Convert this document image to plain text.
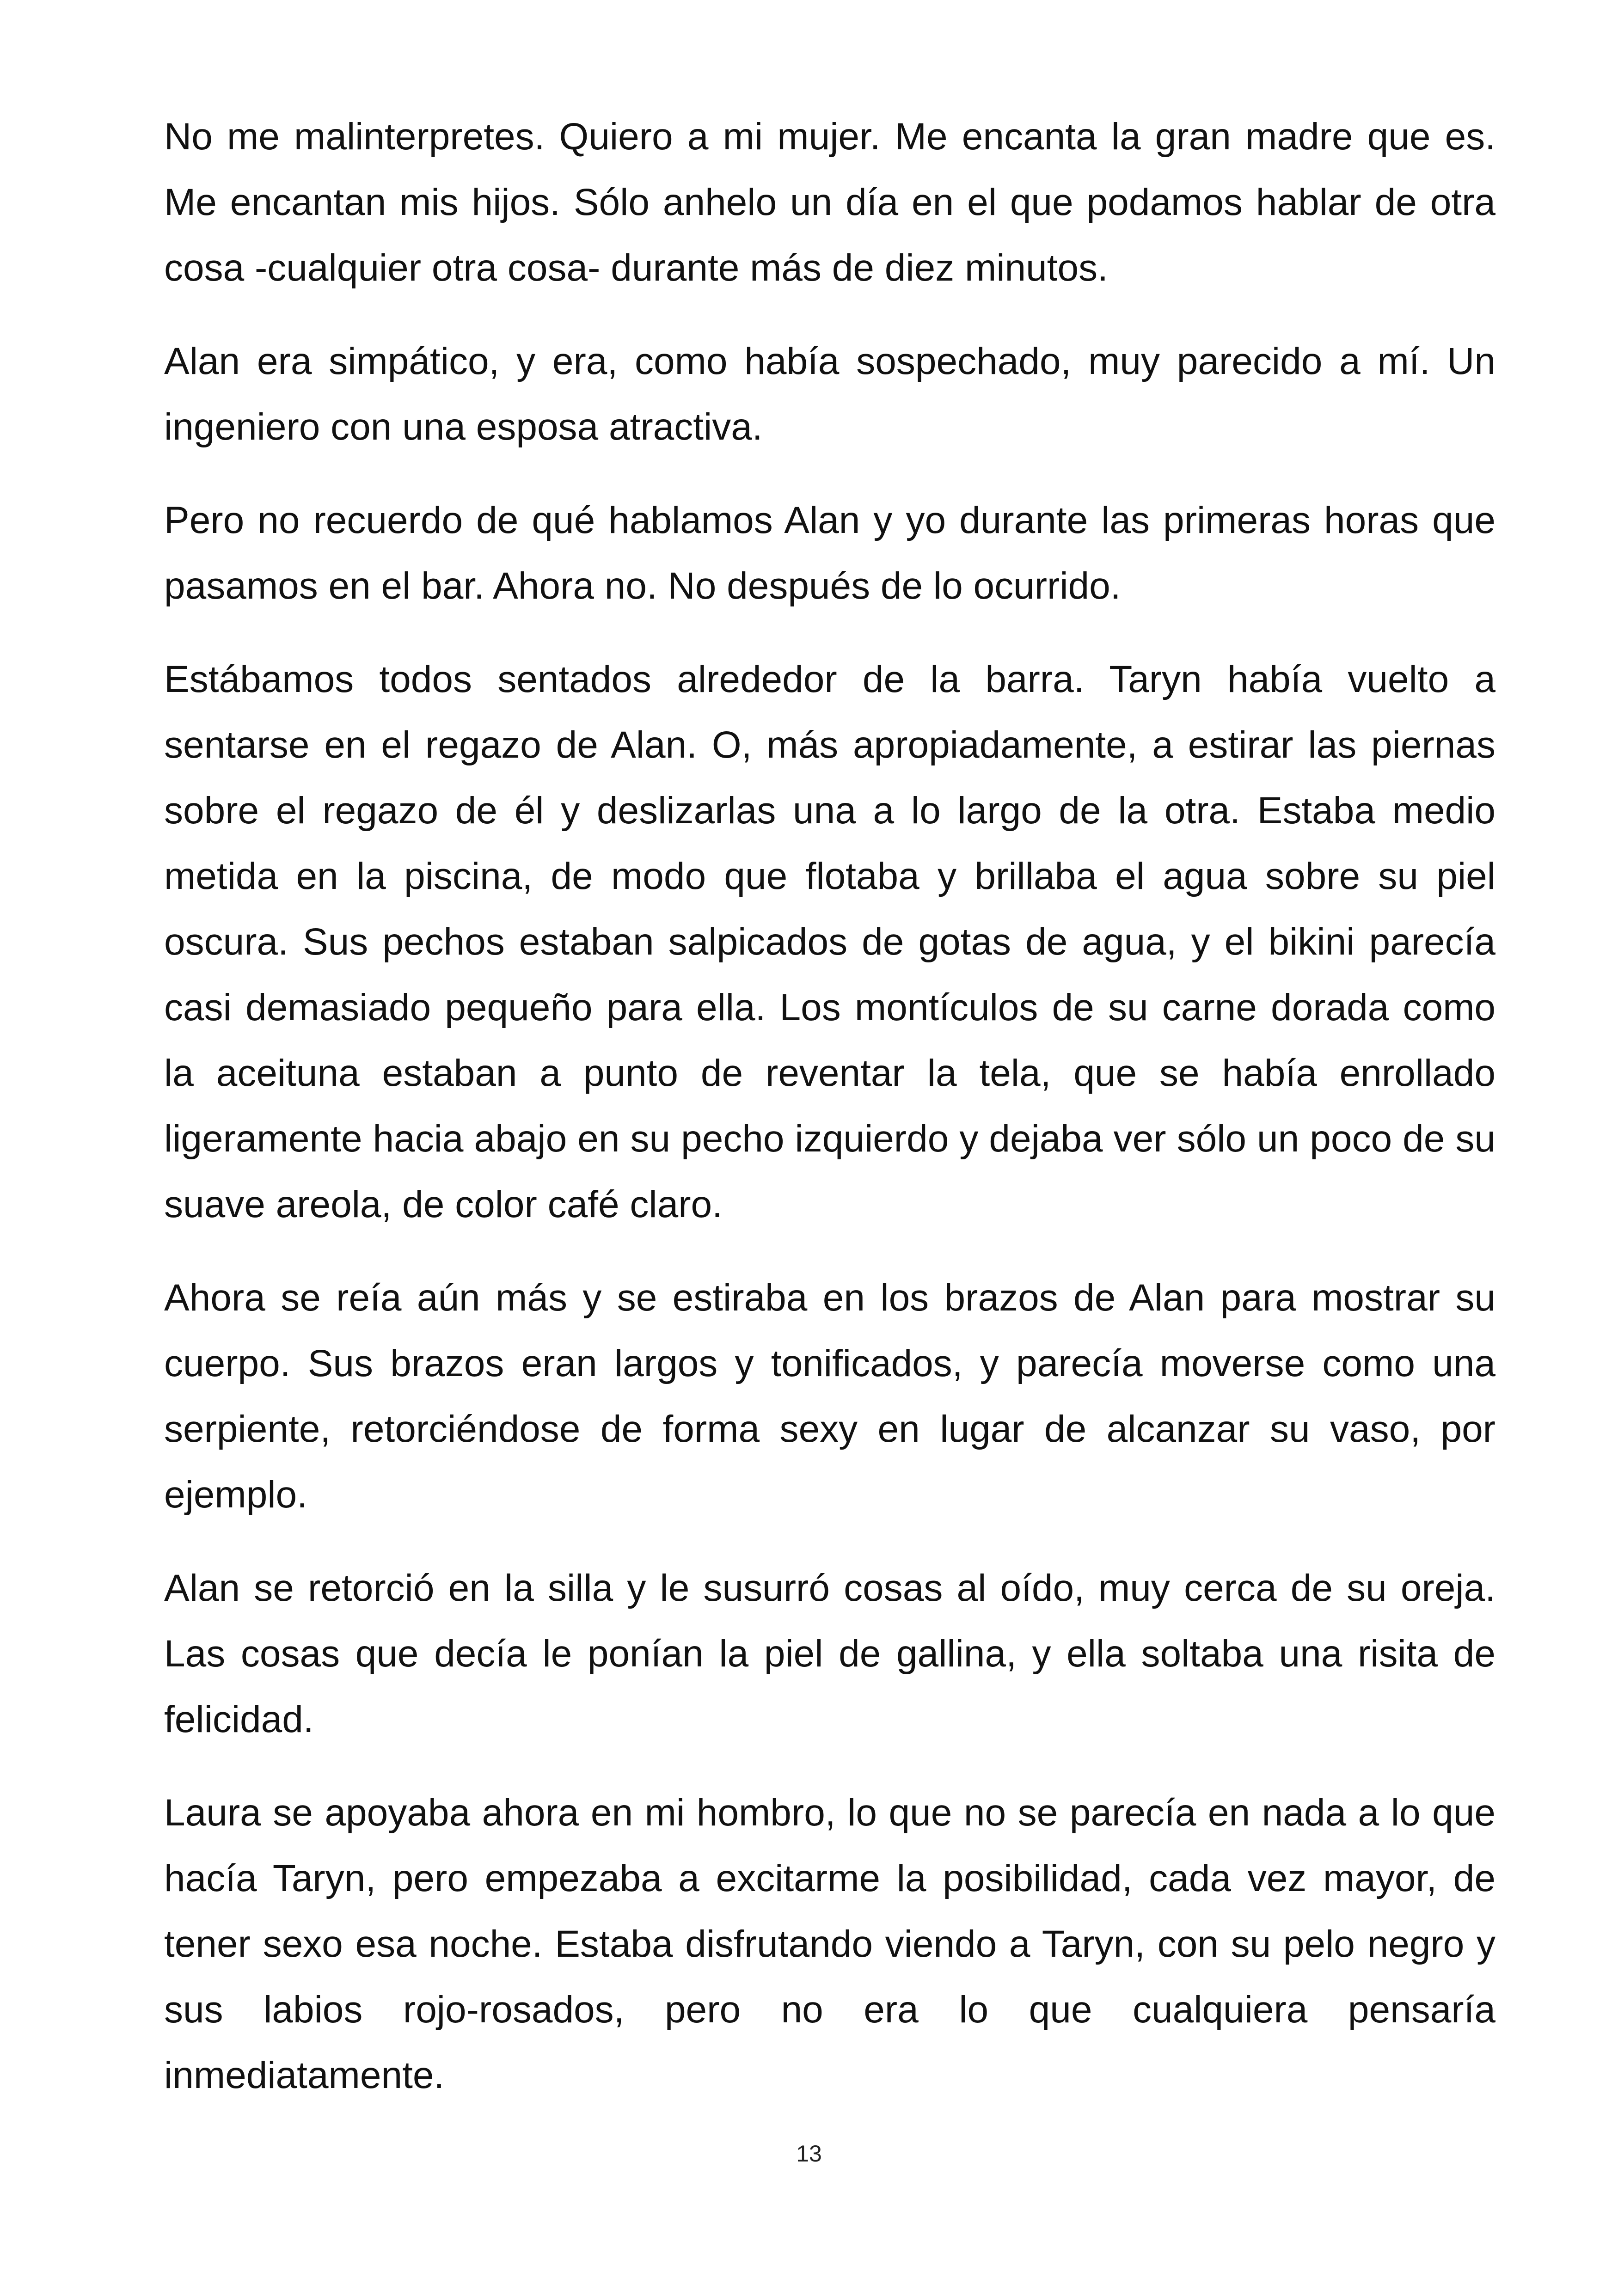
No me malinterpretes. Quiero a mi mujer. Me encanta la gran madre que es. Me encantan mis hijos. Sólo anhelo un día en el que podamos hablar de otra cosa -cualquier otra cosa- durante más de diez minutos.

Alan era simpático, y era, como había sospechado, muy parecido a mí. Un ingeniero con una esposa atractiva.

Pero no recuerdo de qué hablamos Alan y yo durante las primeras horas que pasamos en el bar. Ahora no. No después de lo ocurrido.

Estábamos todos sentados alrededor de la barra. Taryn había vuelto a sentarse en el regazo de Alan. O, más apropiadamente, a estirar las piernas sobre el regazo de él y deslizarlas una a lo largo de la otra. Estaba medio metida en la piscina, de modo que flotaba y brillaba el agua sobre su piel oscura. Sus pechos estaban salpicados de gotas de agua, y el bikini parecía casi demasiado pequeño para ella. Los montículos de su carne dorada como la aceituna estaban a punto de reventar la tela, que se había enrollado ligeramente hacia abajo en su pecho izquierdo y dejaba ver sólo un poco de su suave areola, de color café claro.

Ahora se reía aún más y se estiraba en los brazos de Alan para mostrar su cuerpo. Sus brazos eran largos y tonificados, y parecía moverse como una serpiente, retorciéndose de forma sexy en lugar de alcanzar su vaso, por ejemplo.

Alan se retorció en la silla y le susurró cosas al oído, muy cerca de su oreja. Las cosas que decía le ponían la piel de gallina, y ella soltaba una risita de felicidad.

Laura se apoyaba ahora en mi hombro, lo que no se parecía en nada a lo que hacía Taryn, pero empezaba a excitarme la posibilidad, cada vez mayor, de tener sexo esa noche. Estaba disfrutando viendo a Taryn, con su pelo negro y sus labios rojo-rosados, pero no era lo que cualquiera pensaría inmediatamente.

13
